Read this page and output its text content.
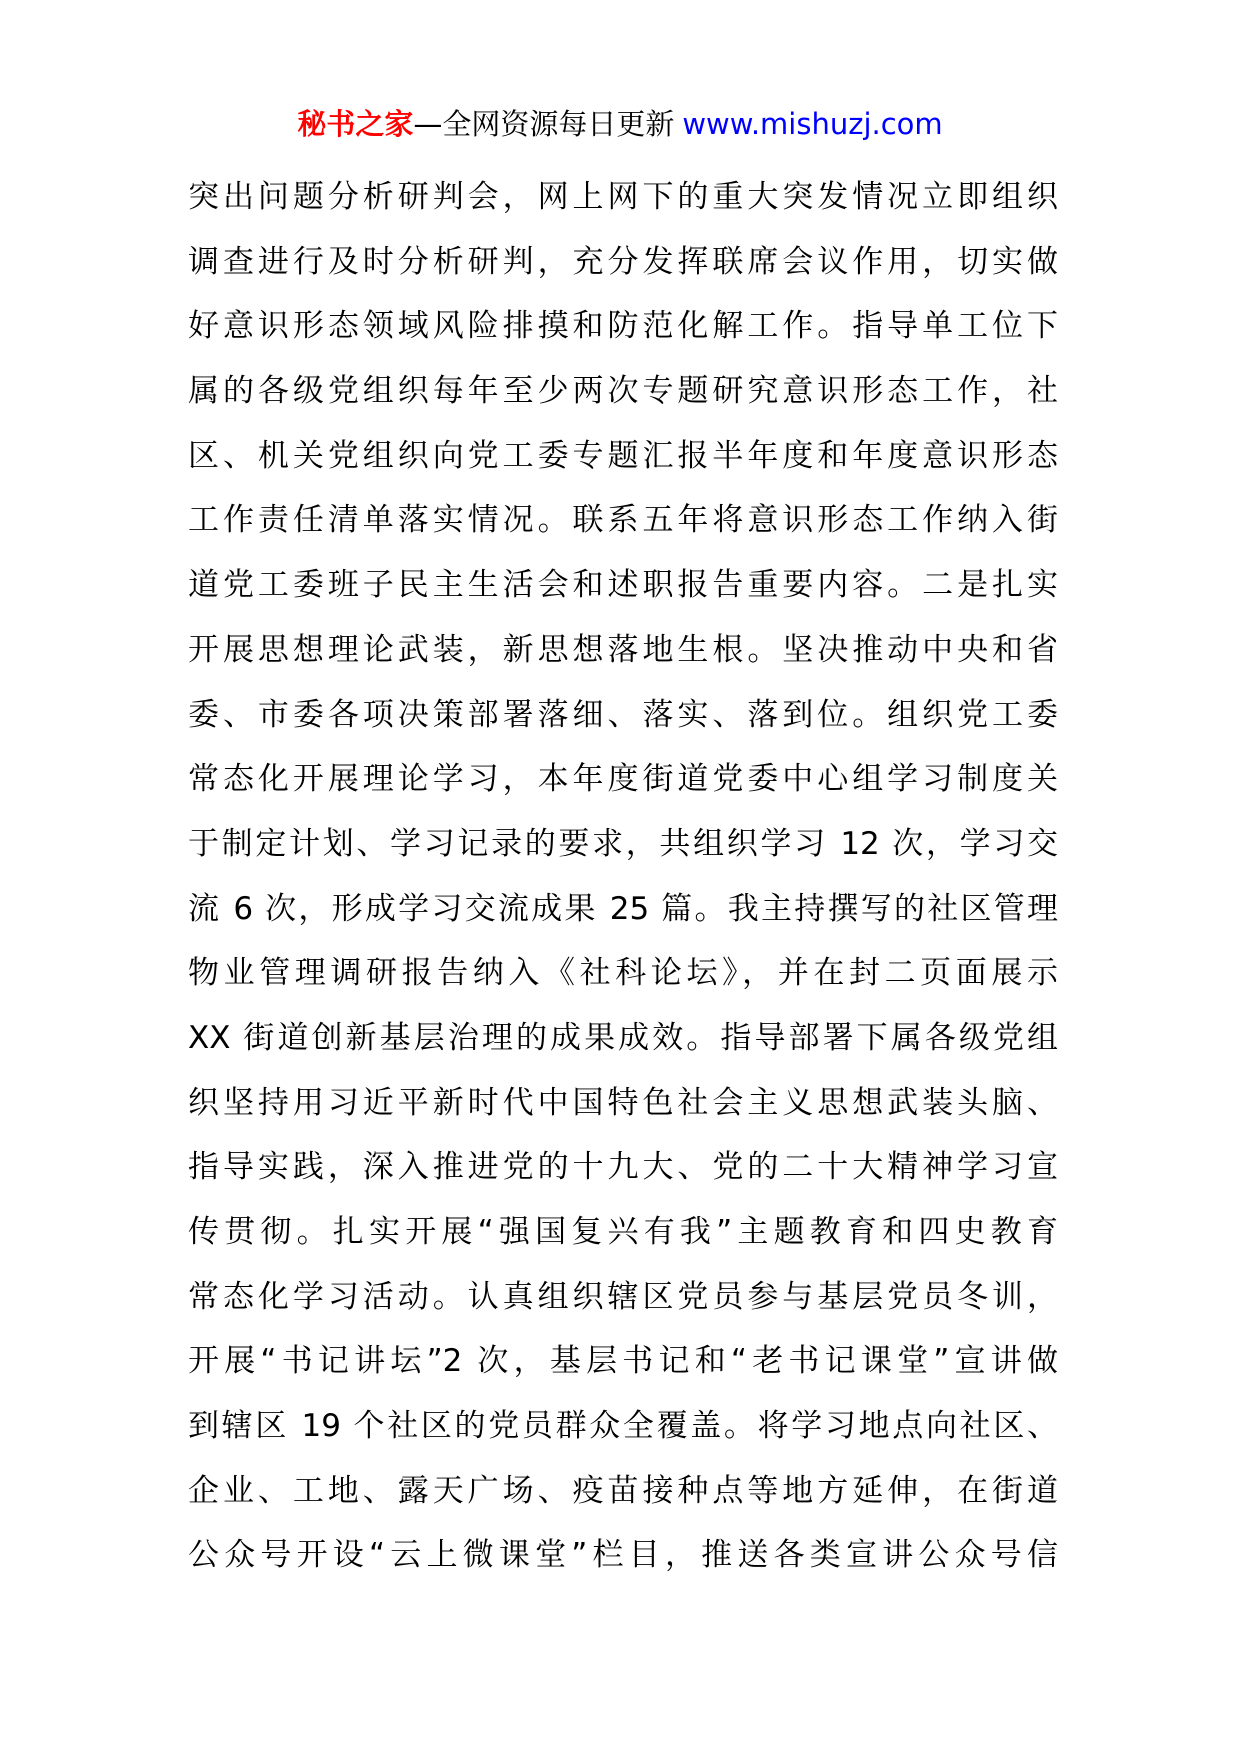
秘书之家—全网资源每日更新 www.mishuzj.com
突出问题分析研判会，网上网下的重大突发情况立即组织
调查进行及时分析研判，充分发挥联席会议作用，切实做
好意识形态领域风险排摸和防范化解工作。指导单工位下
属的各级党组织每年至少两次专题研究意识形态工作，社
区、机关党组织向党工委专题汇报半年度和年度意识形态
工作责任清单落实情况。联系五年将意识形态工作纳入街
道党工委班子民主生活会和述职报告重要内容。二是扎实
开展思想理论武装，新思想落地生根。坚决推动中央和省
委、市委各项决策部署落细、落实、落到位。组织党工委
常态化开展理论学习，本年度街道党委中心组学习制度关
于制定计划、学习记录的要求，共组织学习 12 次，学习交
流 6 次，形成学习交流成果 25 篇。我主持撰写的社区管理
物业管理调研报告纳入《社科论坛》，并在封二页面展示
XX 街道创新基层治理的成果成效。指导部署下属各级党组
织坚持用习近平新时代中国特色社会主义思想武装头脑、
指导实践，深入推进党的十九大、党的二十大精神学习宣
传贯彻。扎实开展“强国复兴有我”主题教育和四史教育
常态化学习活动。认真组织辖区党员参与基层党员冬训，
开展“书记讲坛”2 次，基层书记和“老书记课堂”宣讲做
到辖区 19 个社区的党员群众全覆盖。将学习地点向社区、
企业、工地、露天广场、疫苗接种点等地方延伸，在街道
公众号开设“云上微课堂”栏目，推送各类宣讲公众号信
